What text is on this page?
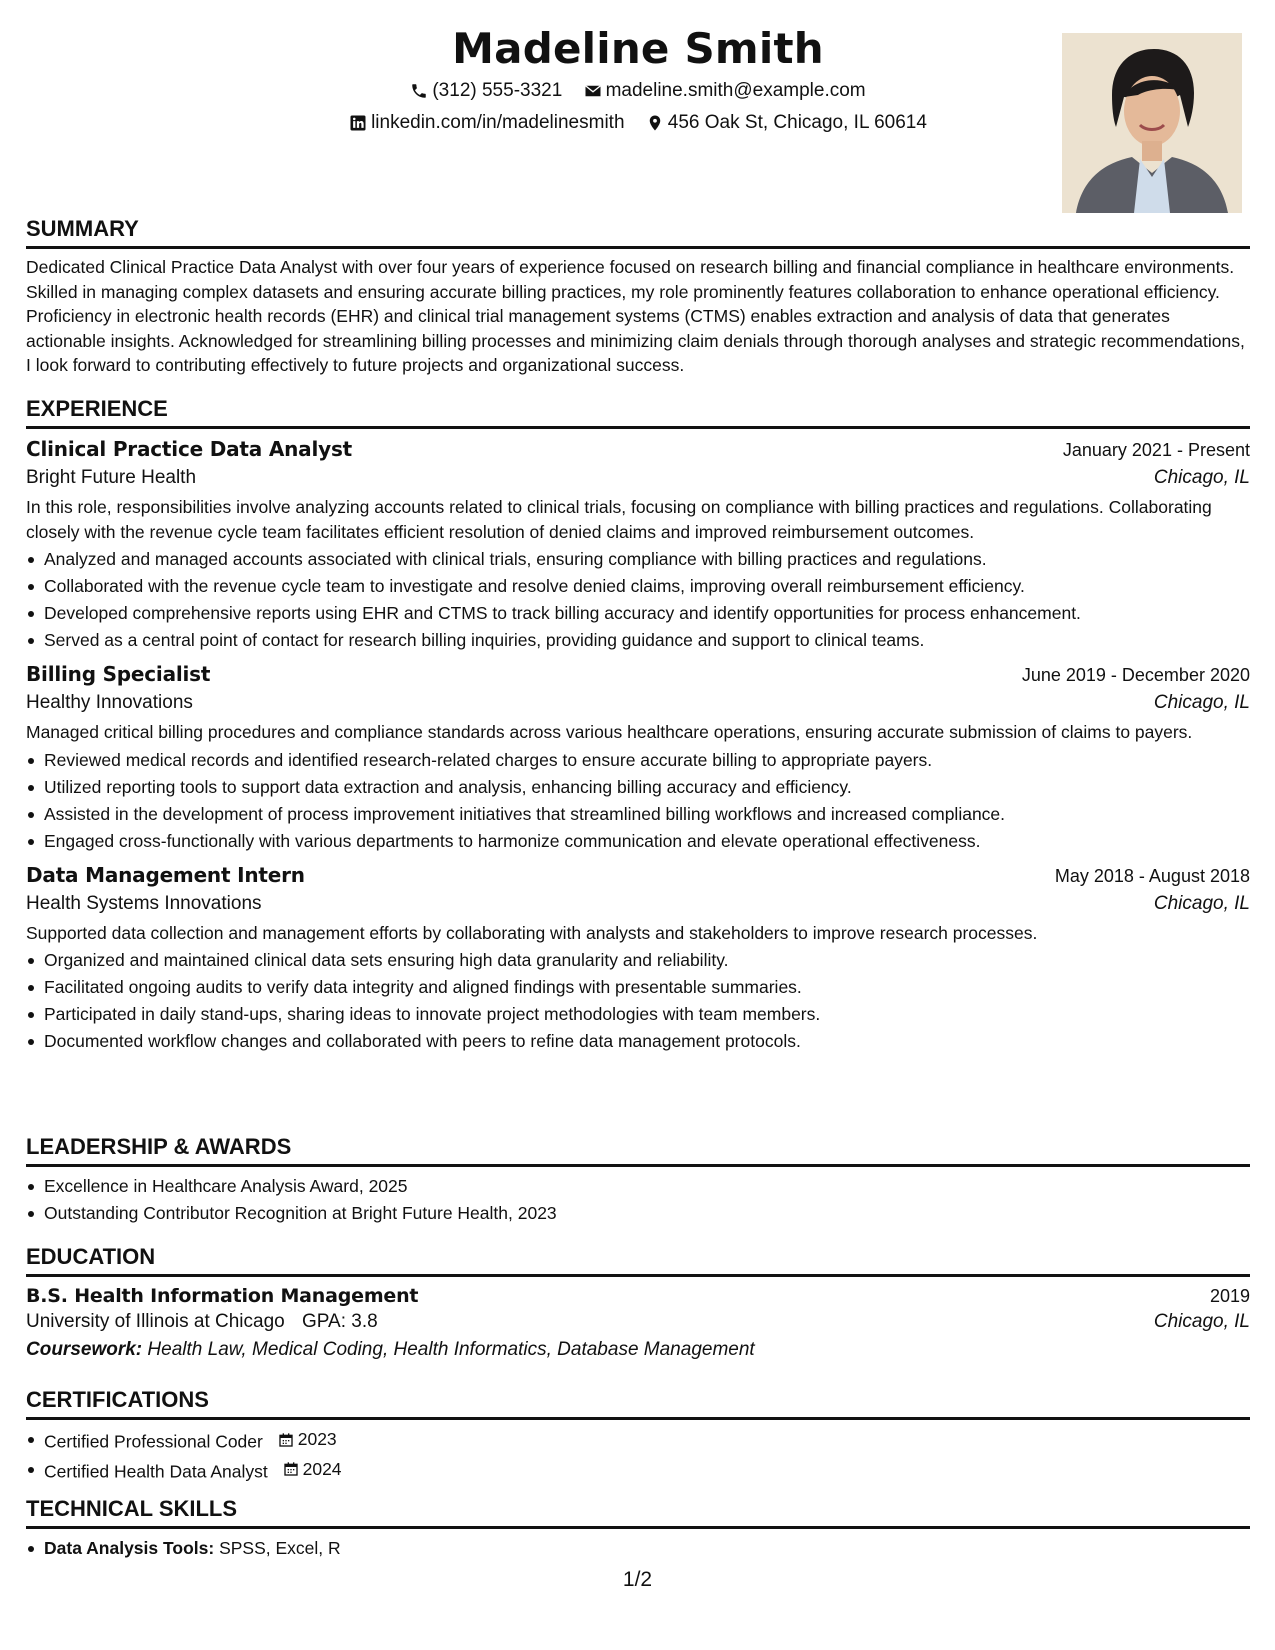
Madeline Smith
(312) 555-3321
madeline.smith@example.com
linkedin.com/in/madelinesmith
456 Oak St, Chicago, IL 60614
SUMMARY

Dedicated Clinical Practice Data Analyst with over four years of experience focused on research billing and financial compliance in healthcare environments. Skilled in managing complex datasets and ensuring accurate billing practices, my role prominently features collaboration to enhance operational efficiency. Proficiency in electronic health records (EHR) and clinical trial management systems (CTMS) enables extraction and analysis of data that generates actionable insights. Acknowledged for streamlining billing processes and minimizing claim denials through thorough analyses and strategic recommendations, I look forward to contributing effectively to future projects and organizational success.

EXPERIENCE
Clinical Practice Data Analyst	January 2021 - Present
Bright Future Health	Chicago, IL

In this role, responsibilities involve analyzing accounts related to clinical trials, focusing on compliance with billing practices and regulations. Collaborating closely with the revenue cycle team facilitates efficient resolution of denied claims and improved reimbursement outcomes.

Analyzed and managed accounts associated with clinical trials, ensuring compliance with billing practices and regulations.
Collaborated with the revenue cycle team to investigate and resolve denied claims, improving overall reimbursement efficiency.
Developed comprehensive reports using EHR and CTMS to track billing accuracy and identify opportunities for process enhancement.
Served as a central point of contact for research billing inquiries, providing guidance and support to clinical teams.
Billing Specialist	June 2019 - December 2020
Healthy Innovations	Chicago, IL

Managed critical billing procedures and compliance standards across various healthcare operations, ensuring accurate submission of claims to payers.

Reviewed medical records and identified research-related charges to ensure accurate billing to appropriate payers.
Utilized reporting tools to support data extraction and analysis, enhancing billing accuracy and efficiency.
Assisted in the development of process improvement initiatives that streamlined billing workflows and increased compliance.
Engaged cross-functionally with various departments to harmonize communication and elevate operational effectiveness.
Data Management Intern	May 2018 - August 2018
Health Systems Innovations	Chicago, IL

Supported data collection and management efforts by collaborating with analysts and stakeholders to improve research processes.

Organized and maintained clinical data sets ensuring high data granularity and reliability.
Facilitated ongoing audits to verify data integrity and aligned findings with presentable summaries.
Participated in daily stand-ups, sharing ideas to innovate project methodologies with team members.
Documented workflow changes and collaborated with peers to refine data management protocols.
LEADERSHIP & AWARDS
Excellence in Healthcare Analysis Award, 2025
Outstanding Contributor Recognition at Bright Future Health, 2023
EDUCATION
B.S. Health Information Management	2019
University of Illinois at Chicago GPA: 3.8	Chicago, IL
Coursework: Health Law, Medical Coding, Health Informatics, Database Management
CERTIFICATIONS
Certified Professional Coder 2023
Certified Health Data Analyst 2024
TECHNICAL SKILLS
Data Analysis Tools: SPSS, Excel, R
1/2
